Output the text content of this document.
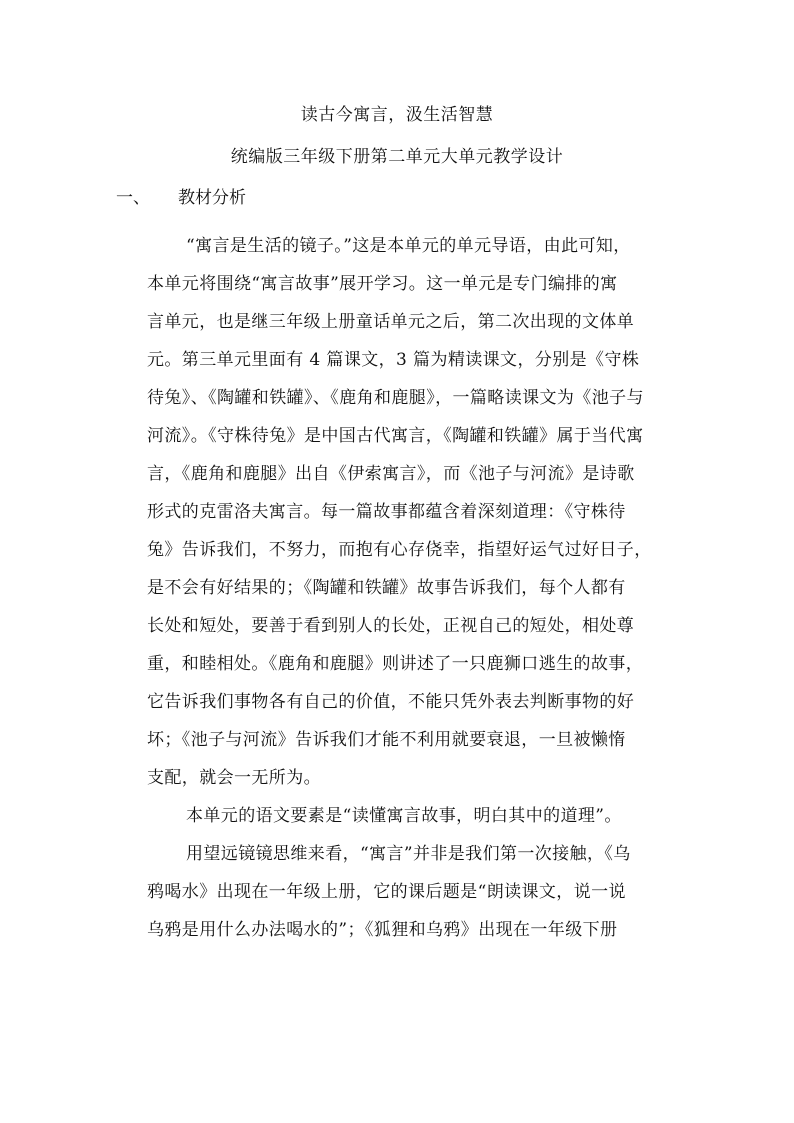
读古今寓言，汲生活智慧
统编版三年级下册第二单元大单元教学设计
一、 教材分析
“寓言是生活的镜子。”这是本单元的单元导语，由此可知，
本单元将围绕“寓言故事”展开学习。这一单元是专门编排的寓
言单元，也是继三年级上册童话单元之后，第二次出现的文体单
元。第三单元里面有 4 篇课文，3 篇为精读课文，分别是《守株
待兔》、《陶罐和铁罐》、《鹿角和鹿腿》，一篇略读课文为《池子与
河流》。《守株待兔》是中国古代寓言，《陶罐和铁罐》属于当代寓
言，《鹿角和鹿腿》出自《伊索寓言》，而《池子与河流》是诗歌
形式的克雷洛夫寓言。每一篇故事都蕴含着深刻道理：《守株待
兔》告诉我们，不努力，而抱有心存侥幸，指望好运气过好日子，
是不会有好结果的；《陶罐和铁罐》故事告诉我们，每个人都有
长处和短处，要善于看到别人的长处，正视自己的短处，相处尊
重，和睦相处。《鹿角和鹿腿》则讲述了一只鹿狮口逃生的故事，
它告诉我们事物各有自己的价值，不能只凭外表去判断事物的好
坏；《池子与河流》告诉我们才能不利用就要衰退，一旦被懒惰
支配，就会一无所为。
本单元的语文要素是“读懂寓言故事，明白其中的道理”。
用望远镜镜思维来看，“寓言”并非是我们第一次接触，《乌
鸦喝水》出现在一年级上册，它的课后题是“朗读课文，说一说
乌鸦是用什么办法喝水的”；《狐狸和乌鸦》出现在一年级下册
